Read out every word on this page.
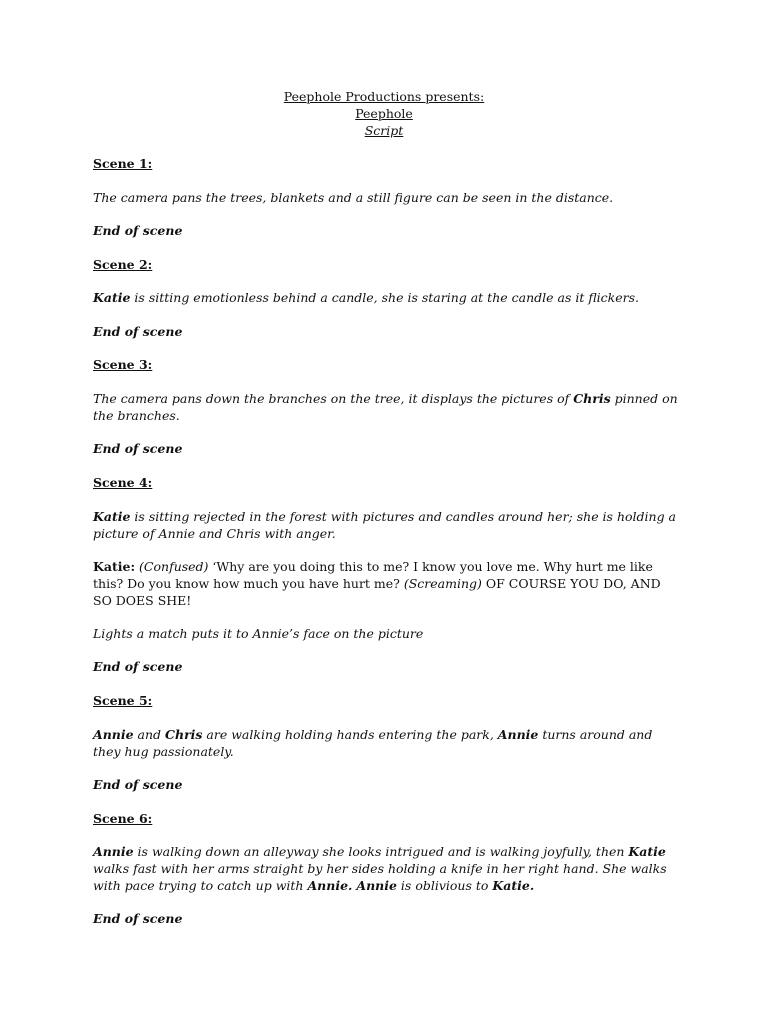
Peephole Productions presents:
Peephole
Script
Scene 1:
The camera pans the trees, blankets and a still figure can be seen in the distance.
End of scene
Scene 2:
Katie is sitting emotionless behind a candle, she is staring at the candle as it flickers.
End of scene
Scene 3:
The camera pans down the branches on the tree, it displays the pictures of Chris pinned on the branches.
End of scene
Scene 4:
Katie is sitting rejected in the forest with pictures and candles around her; she is holding a picture of Annie and Chris with anger.
Katie: (Confused) ‘Why are you doing this to me? I know you love me. Why hurt me like this? Do you know how much you have hurt me? (Screaming) OF COURSE YOU DO, AND SO DOES SHE!
Lights a match puts it to Annie’s face on the picture
End of scene
Scene 5:
Annie and Chris are walking holding hands entering the park, Annie turns around and they hug passionately.
End of scene
Scene 6:
Annie is walking down an alleyway she looks intrigued and is walking joyfully, then Katie walks fast with her arms straight by her sides holding a knife in her right hand. She walks with pace trying to catch up with Annie. Annie is oblivious to Katie.
End of scene
